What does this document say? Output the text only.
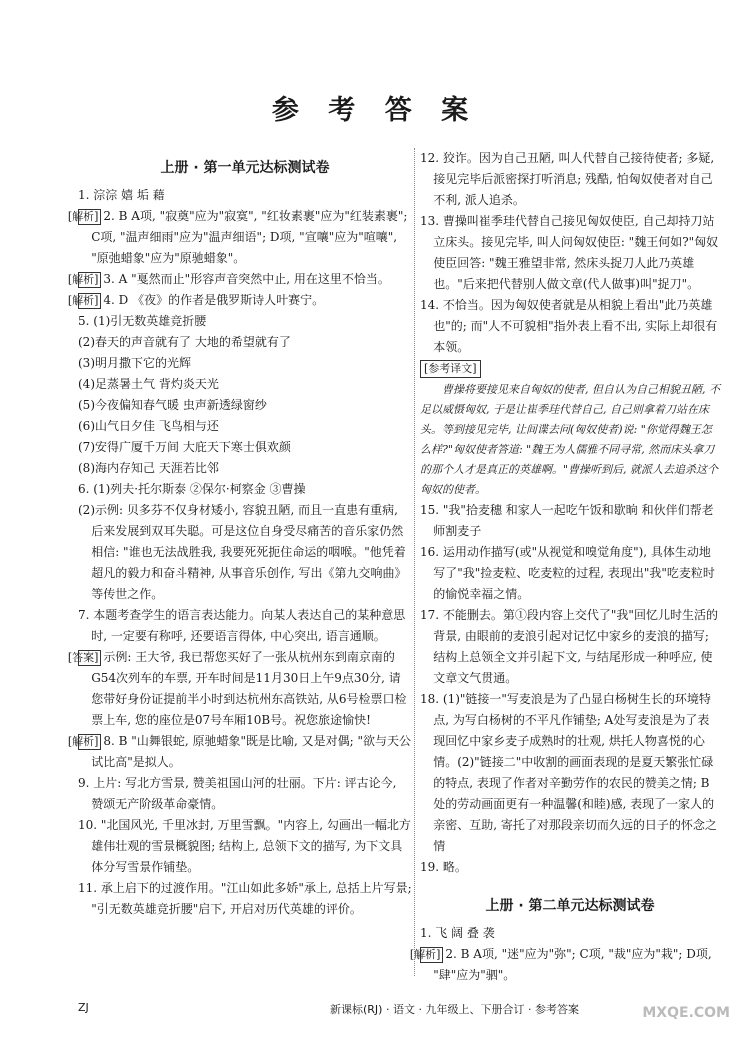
参 考 答 案
上册 · 第一单元达标测试卷

1. 淙淙 嬉 垢 藉

[解析] 2. B A项, "寂奠"应为"寂寞", "红妆素裹"应为"红装素裹"; C项, "温声细雨"应为"温声细语"; D项, "宣嚷"应为"喧嚷", "原弛蜡象"应为"原驰蜡象"。

[解析] 3. A "戛然而止"形容声音突然中止, 用在这里不恰当。

[解析] 4. D 《夜》的作者是俄罗斯诗人叶赛宁。

5. (1)引无数英雄竞折腰

(2)春天的声音就有了 大地的希望就有了

(3)明月撒下它的光辉

(4)足蒸暑土气 背灼炎天光

(5)今夜偏知春气暖 虫声新透绿窗纱

(6)山气日夕佳 飞鸟相与还

(7)安得广厦千万间 大庇天下寒士俱欢颜

(8)海内存知己 天涯若比邻

6. (1)列夫·托尔斯泰 ②保尔·柯察金 ③曹操

(2)示例: 贝多芬不仅身材矮小, 容貌丑陋, 而且一直患有重病, 后来发展到双耳失聪。可是这位自身受尽痛苦的音乐家仍然相信: "谁也无法战胜我, 我要死死扼住命运的咽喉。"他凭着超凡的毅力和奋斗精神, 从事音乐创作, 写出《第九交响曲》等传世之作。

7. 本题考查学生的语言表达能力。向某人表达自己的某种意思时, 一定要有称呼, 还要语言得体, 中心突出, 语言通顺。

[答案] 示例: 王大爷, 我已帮您买好了一张从杭州东到南京南的G54次列车的车票, 开车时间是11月30日上午9点30分, 请您带好身份证提前半小时到达杭州东高铁站, 从6号检票口检票上车, 您的座位是07号车厢10B号。祝您旅途愉快!

[解析] 8. B "山舞银蛇, 原驰蜡象"既是比喻, 又是对偶; "欲与天公试比高"是拟人。

9. 上片: 写北方雪景, 赞美祖国山河的壮丽。下片: 评古论今, 赞颂无产阶级革命豪情。

10. "北国风光, 千里冰封, 万里雪飘。"内容上, 勾画出一幅北方雄伟壮观的雪景概貌图; 结构上, 总领下文的描写, 为下文具体分写雪景作铺垫。

11. 承上启下的过渡作用。"江山如此多娇"承上, 总括上片写景; "引无数英雄竞折腰"启下, 开启对历代英雄的评价。

12. 狡诈。因为自己丑陋, 叫人代替自己接待使者; 多疑, 接见完毕后派密探打听消息; 残酷, 怕匈奴使者对自己不利, 派人追杀。

13. 曹操叫崔季珪代替自己接见匈奴使臣, 自己却持刀站立床头。接见完毕, 叫人问匈奴使臣: "魏王何如?"匈奴使臣回答: "魏王雅望非常, 然床头捉刀人此乃英雄也。"后来把代替别人做文章(代人做事)叫"捉刀"。

14. 不恰当。因为匈奴使者就是从相貌上看出"此乃英雄也"的; 而"人不可貌相"指外表上看不出, 实际上却很有本领。

[参考译文]

曹操将要接见来自匈奴的使者, 但自认为自己相貌丑陋, 不足以威慑匈奴, 于是让崔季珪代替自己, 自己则拿着刀站在床头。等到接见完毕, 让间谍去问(匈奴使者)说: "你觉得魏王怎么样?"匈奴使者答道: "魏王为人儒雅不同寻常, 然而床头拿刀的那个人才是真正的英雄啊。"曹操听到后, 就派人去追杀这个匈奴的使者。

15. "我"拾麦穗 和家人一起吃午饭和歇晌 和伙伴们帮老师割麦子

16. 运用动作描写(或"从视觉和嗅觉角度"), 具体生动地写了"我"捡麦粒、吃麦粒的过程, 表现出"我"吃麦粒时的愉悦幸福之情。

17. 不能删去。第①段内容上交代了"我"回忆儿时生活的背景, 由眼前的麦浪引起对记忆中家乡的麦浪的描写; 结构上总领全文并引起下文, 与结尾形成一种呼应, 使文章文气贯通。

18. (1)"链接一"写麦浪是为了凸显白杨树生长的环境特点, 为写白杨树的不平凡作铺垫; A处写麦浪是为了表现回忆中家乡麦子成熟时的壮观, 烘托人物喜悦的心情。(2)"链接二"中收割的画面表现的是夏天繁张忙碌的特点, 表现了作者对辛勤劳作的农民的赞美之情; B处的劳动画面更有一种温馨(和睦)感, 表现了一家人的亲密、互助, 寄托了对那段亲切而久远的日子的怀念之情

19. 略。

上册 · 第二单元达标测试卷

1. 飞 阔 叠 袭

[解析] 2. B A项, "迷"应为"弥"; C项, "裁"应为"栽"; D项, "肆"应为"驷"。

ZJ	新课标(RJ) · 语文 · 九年级上、下册合订 · 参考答案	MXQE.COM
